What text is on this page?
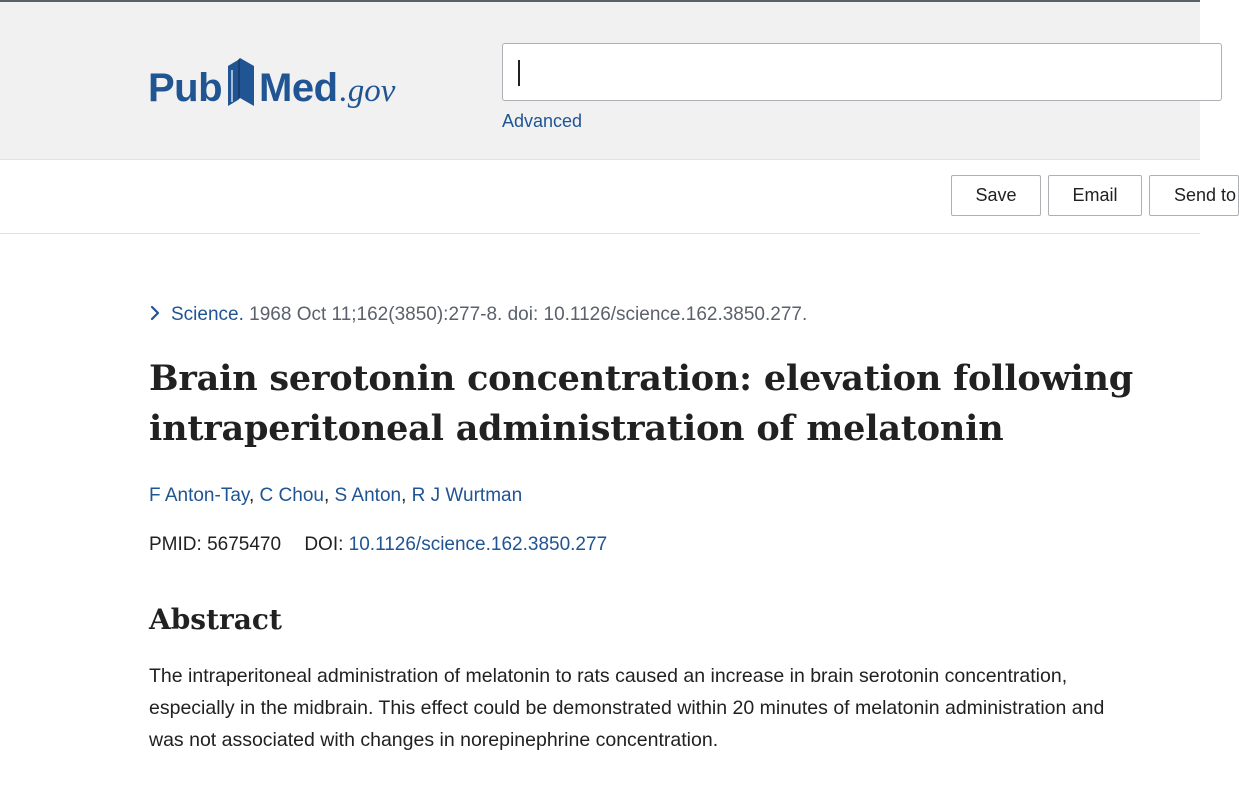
Pub Med .gov
Advanced
Save	Email	Send to
Science. 1968 Oct 11;162(3850):277-8. doi: 10.1126/science.162.3850.277.
Brain serotonin concentration: elevation following intraperitoneal administration of melatonin
F Anton-Tay, C Chou, S Anton, R J Wurtman
PMID: 5675470 DOI: 10.1126/science.162.3850.277
Abstract

The intraperitoneal administration of melatonin to rats caused an increase in brain serotonin concentration, especially in the midbrain. This effect could be demonstrated within 20 minutes of melatonin administration and was not associated with changes in norepinephrine concentration.
